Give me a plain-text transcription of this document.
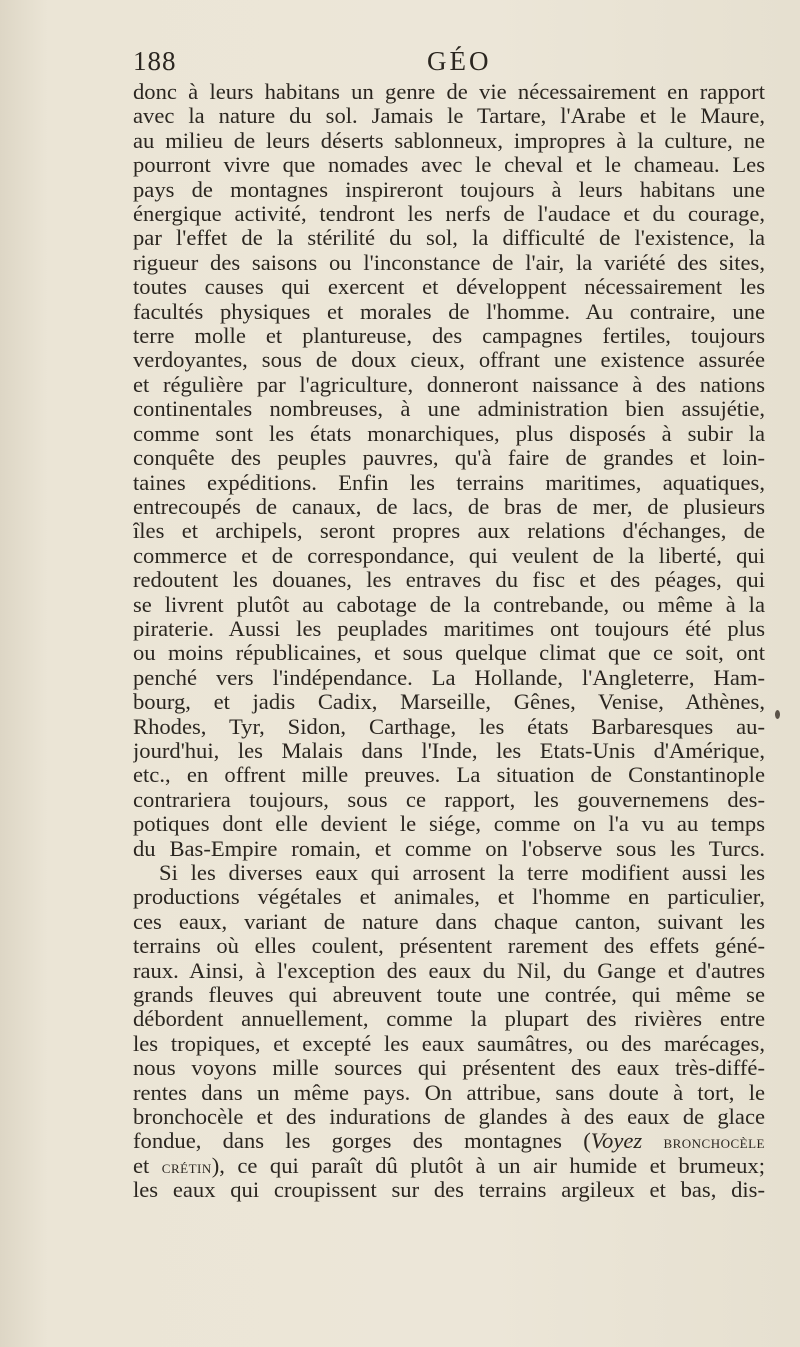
188	GÉO
donc à leurs habitans un genre de vie nécessairement en rapport
avec la nature du sol. Jamais le Tartare, l'Arabe et le Maure,
au milieu de leurs déserts sablonneux, impropres à la culture, ne
pourront vivre que nomades avec le cheval et le chameau. Les
pays de montagnes inspireront toujours à leurs habitans une
énergique activité, tendront les nerfs de l'audace et du courage,
par l'effet de la stérilité du sol, la difficulté de l'existence, la
rigueur des saisons ou l'inconstance de l'air, la variété des sites,
toutes causes qui exercent et développent nécessairement les
facultés physiques et morales de l'homme. Au contraire, une
terre molle et plantureuse, des campagnes fertiles, toujours
verdoyantes, sous de doux cieux, offrant une existence assurée
et régulière par l'agriculture, donneront naissance à des nations
continentales nombreuses, à une administration bien assujétie,
comme sont les états monarchiques, plus disposés à subir la
conquête des peuples pauvres, qu'à faire de grandes et loin-
taines expéditions. Enfin les terrains maritimes, aquatiques,
entrecoupés de canaux, de lacs, de bras de mer, de plusieurs
îles et archipels, seront propres aux relations d'échanges, de
commerce et de correspondance, qui veulent de la liberté, qui
redoutent les douanes, les entraves du fisc et des péages, qui
se livrent plutôt au cabotage de la contrebande, ou même à la
piraterie. Aussi les peuplades maritimes ont toujours été plus
ou moins républicaines, et sous quelque climat que ce soit, ont
penché vers l'indépendance. La Hollande, l'Angleterre, Ham-
bourg, et jadis Cadix, Marseille, Gênes, Venise, Athènes,
Rhodes, Tyr, Sidon, Carthage, les états Barbaresques au-
jourd'hui, les Malais dans l'Inde, les Etats-Unis d'Amérique,
etc., en offrent mille preuves. La situation de Constantinople
contrariera toujours, sous ce rapport, les gouvernemens des-
potiques dont elle devient le siége, comme on l'a vu au temps
du Bas-Empire romain, et comme on l'observe sous les Turcs.
Si les diverses eaux qui arrosent la terre modifient aussi les
productions végétales et animales, et l'homme en particulier,
ces eaux, variant de nature dans chaque canton, suivant les
terrains où elles coulent, présentent rarement des effets géné-
raux. Ainsi, à l'exception des eaux du Nil, du Gange et d'autres
grands fleuves qui abreuvent toute une contrée, qui même se
débordent annuellement, comme la plupart des rivières entre
les tropiques, et excepté les eaux saumâtres, ou des marécages,
nous voyons mille sources qui présentent des eaux très-diffé-
rentes dans un même pays. On attribue, sans doute à tort, le
bronchocèle et des indurations de glandes à des eaux de glace
fondue, dans les gorges des montagnes (Voyez bronchocèle
et crétin), ce qui paraît dû plutôt à un air humide et brumeux;
les eaux qui croupissent sur des terrains argileux et bas, dis-
